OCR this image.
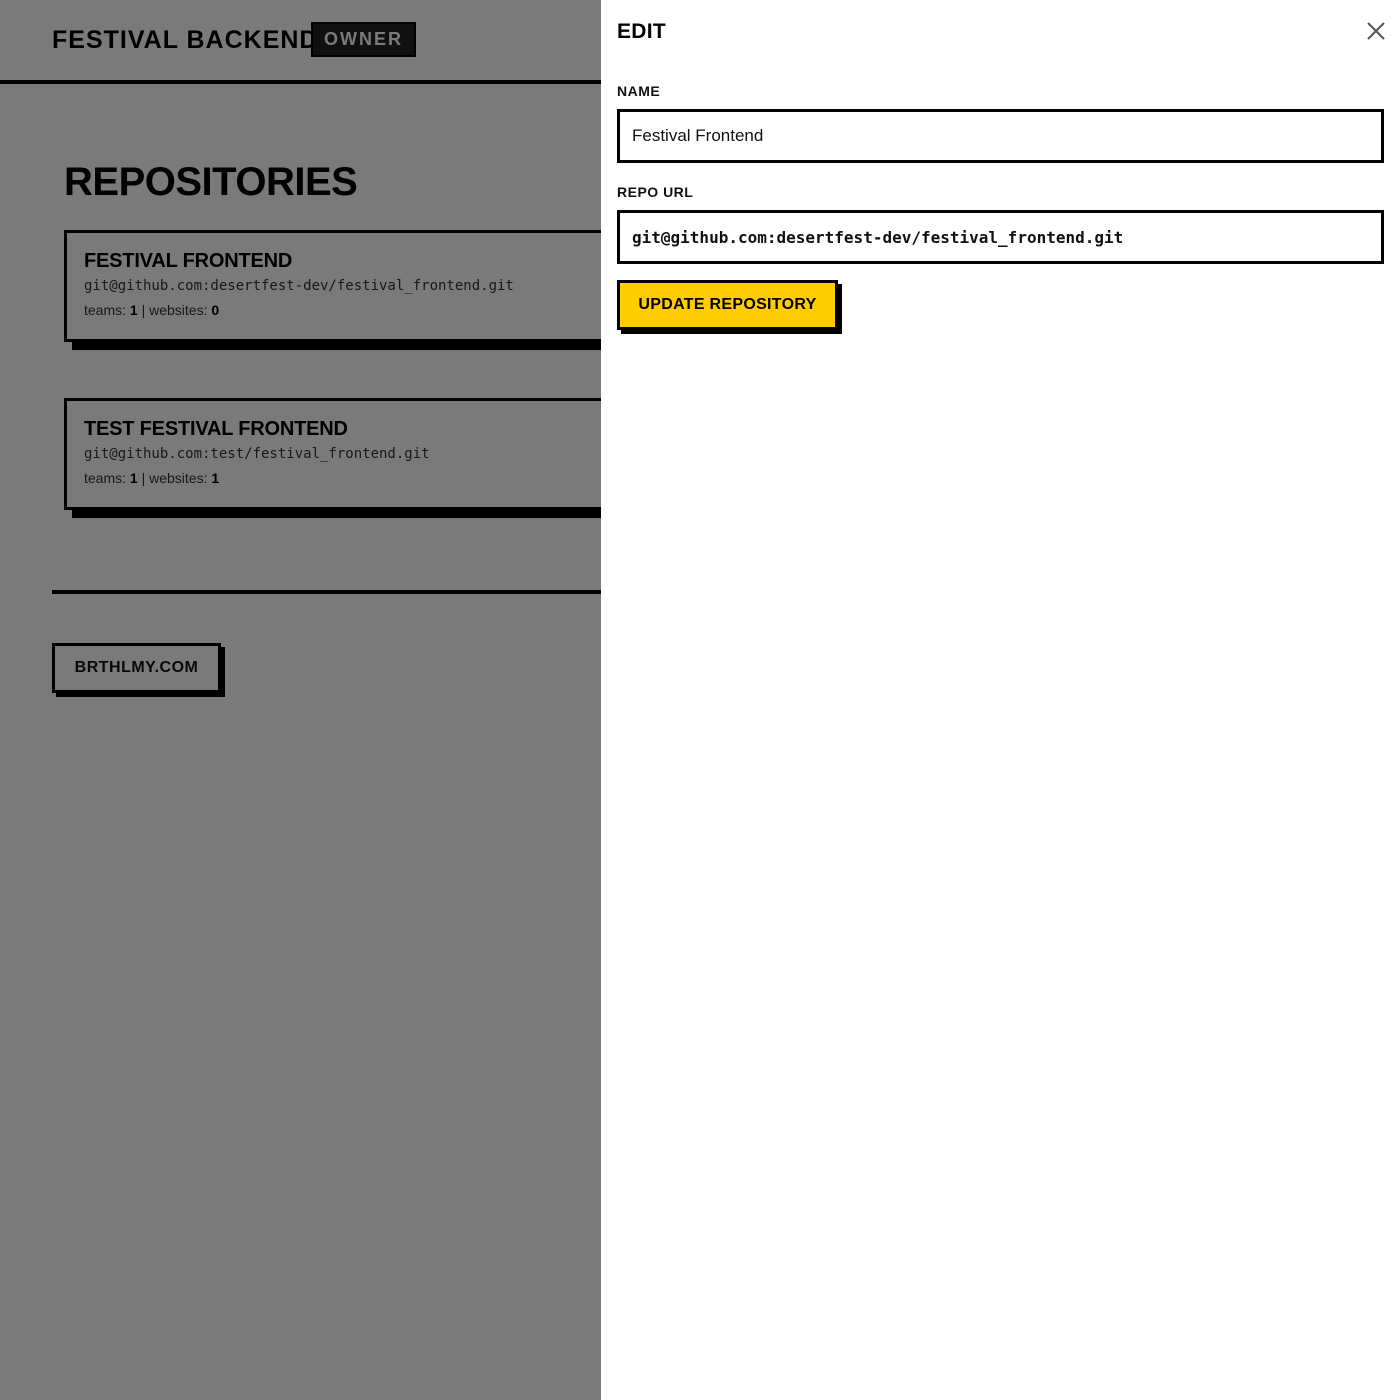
EDIT
NAME
Festival Frontend
REPO URL
git@github.com:desertfest-dev/festival_frontend.git
UPDATE REPOSITORY
